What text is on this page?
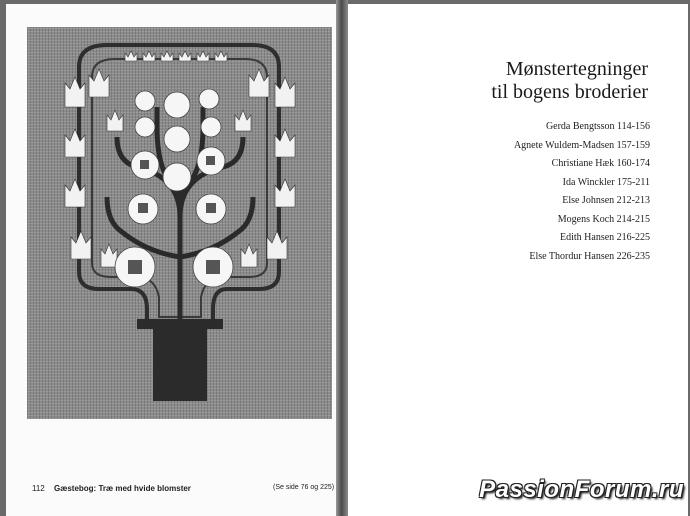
112 Gæstebog: Træ med hvide blomster	(Se side 76 og 225)
Mønstertegninger
til bogens broderier
Gerda Bengtsson 114-156
Agnete Wuldem-Madsen 157-159
Christiane Hæk 160-174
Ida Winckler 175-211
Else Johnsen 212-213
Mogens Koch 214-215
Edith Hansen 216-225
Else Thordur Hansen 226-235
PassionForum.ru
